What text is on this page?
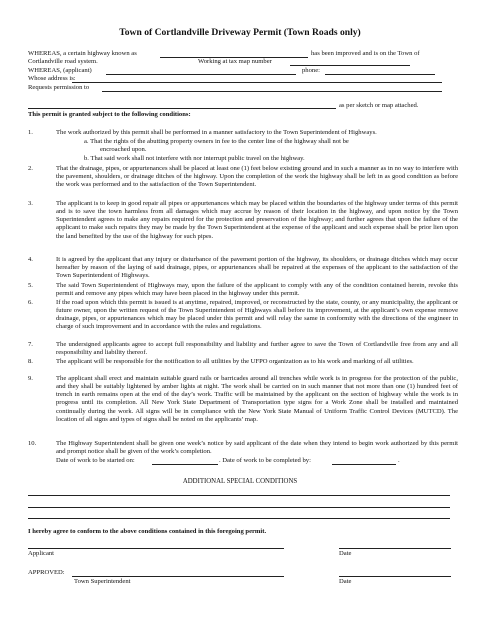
Town of Cortlandville Driveway Permit (Town Roads only)
WHEREAS, a certain highway known as	has been improved and is on the Town of
Cortlandville road system.	Working at tax map number
WHEREAS, (applicant)	phone:
Whose address is:
Requests permission to
as per sketch or map attached.
This permit is granted subject to the following conditions:
1.	The work authorized by this permit shall be performed in a manner satisfactory to the Town Superintendent of Highways.
a. That the rights of the abutting property owners in fee to the center line of the highway shall not be
encroached upon.
b. That said work shall not interfere with nor interrupt public travel on the highway.
2.	That the drainage, pipes, or appurtenances shall be placed at least one (1) feet below existing ground and in such a manner as in no way to interfere with the pavement, shoulders, or drainage ditches of the highway. Upon the completion of the work the highway shall be left in as good condition as before the work was performed and to the satisfaction of the Town Superintendent.
3.	The applicant is to keep in good repair all pipes or appurtenances which may be placed within the boundaries of the highway under terms of this permit and is to save the town harmless from all damages which may accrue by reason of their location in the highway, and upon notice by the Town Superintendent agrees to make any repairs required for the protection and preservation of the highway; and further agrees that upon the failure of the applicant to make such repairs they may be made by the Town Superintendent at the expense of the applicant and such expense shall be prior lien upon the land benefited by the use of the highway for such pipes.
4.	It is agreed by the applicant that any injury or disturbance of the pavement portion of the highway, its shoulders, or drainage ditches which may occur hereafter by reason of the laying of said drainage, pipes, or appurtenances shall be repaired at the expenses of the applicant to the satisfaction of the Town Superintendent of Highways.
5.	The said Town Superintendent of Highways may, upon the failure of the applicant to comply with any of the condition contained herein, revoke this permit and remove any pipes which may have been placed in the highway under this permit.
6.	If the road upon which this permit is issued is at anytime, repaired, improved, or reconstructed by the state, county, or any municipality, the applicant or future owner, upon the written request of the Town Superintendent of Highways shall before its improvement, at the applicant’s own expense remove drainage, pipes, or appurtenances which may be placed under this permit and will relay the same in conformity with the directions of the engineer in charge of such improvement and in accordance with the rules and regulations.
7.	The undersigned applicants agree to accept full responsibility and liability and further agree to save the Town of Cortlandville free from any and all responsibility and liability thereof.
8.	The applicant will be responsible for the notification to all utilities by the UFPO organization as to his work and marking of all utilities.
9.	The applicant shall erect and maintain suitable guard rails or barricades around all trenches while work is in progress for the protection of the public, and they shall be suitably lightened by amber lights at night. The work shall be carried on in such manner that not more than one (1) hundred feet of trench in earth remains open at the end of the day’s work. Traffic will be maintained by the applicant on the section of highway while the work is in progress until its completion. All New York State Department of Transportation type signs for a Work Zone shall be installed and maintained continually during the work. All signs will be in compliance with the New York State Manual of Uniform Traffic Control Devices (MUTCD). The location of all signs and types of signs shall be noted on the applicants’ map.
10.	The Highway Superintendent shall be given one week’s notice by said applicant of the date when they intend to begin work authorized by this permit and prompt notice shall be given of the work’s completion.
Date of work to be started on:	. Date of work to be completed by:	.
ADDITIONAL SPECIAL CONDITIONS
I hereby agree to conform to the above conditions contained in this foregoing permit.
Applicant	Date
APPROVED:
Town Superintendent	Date
